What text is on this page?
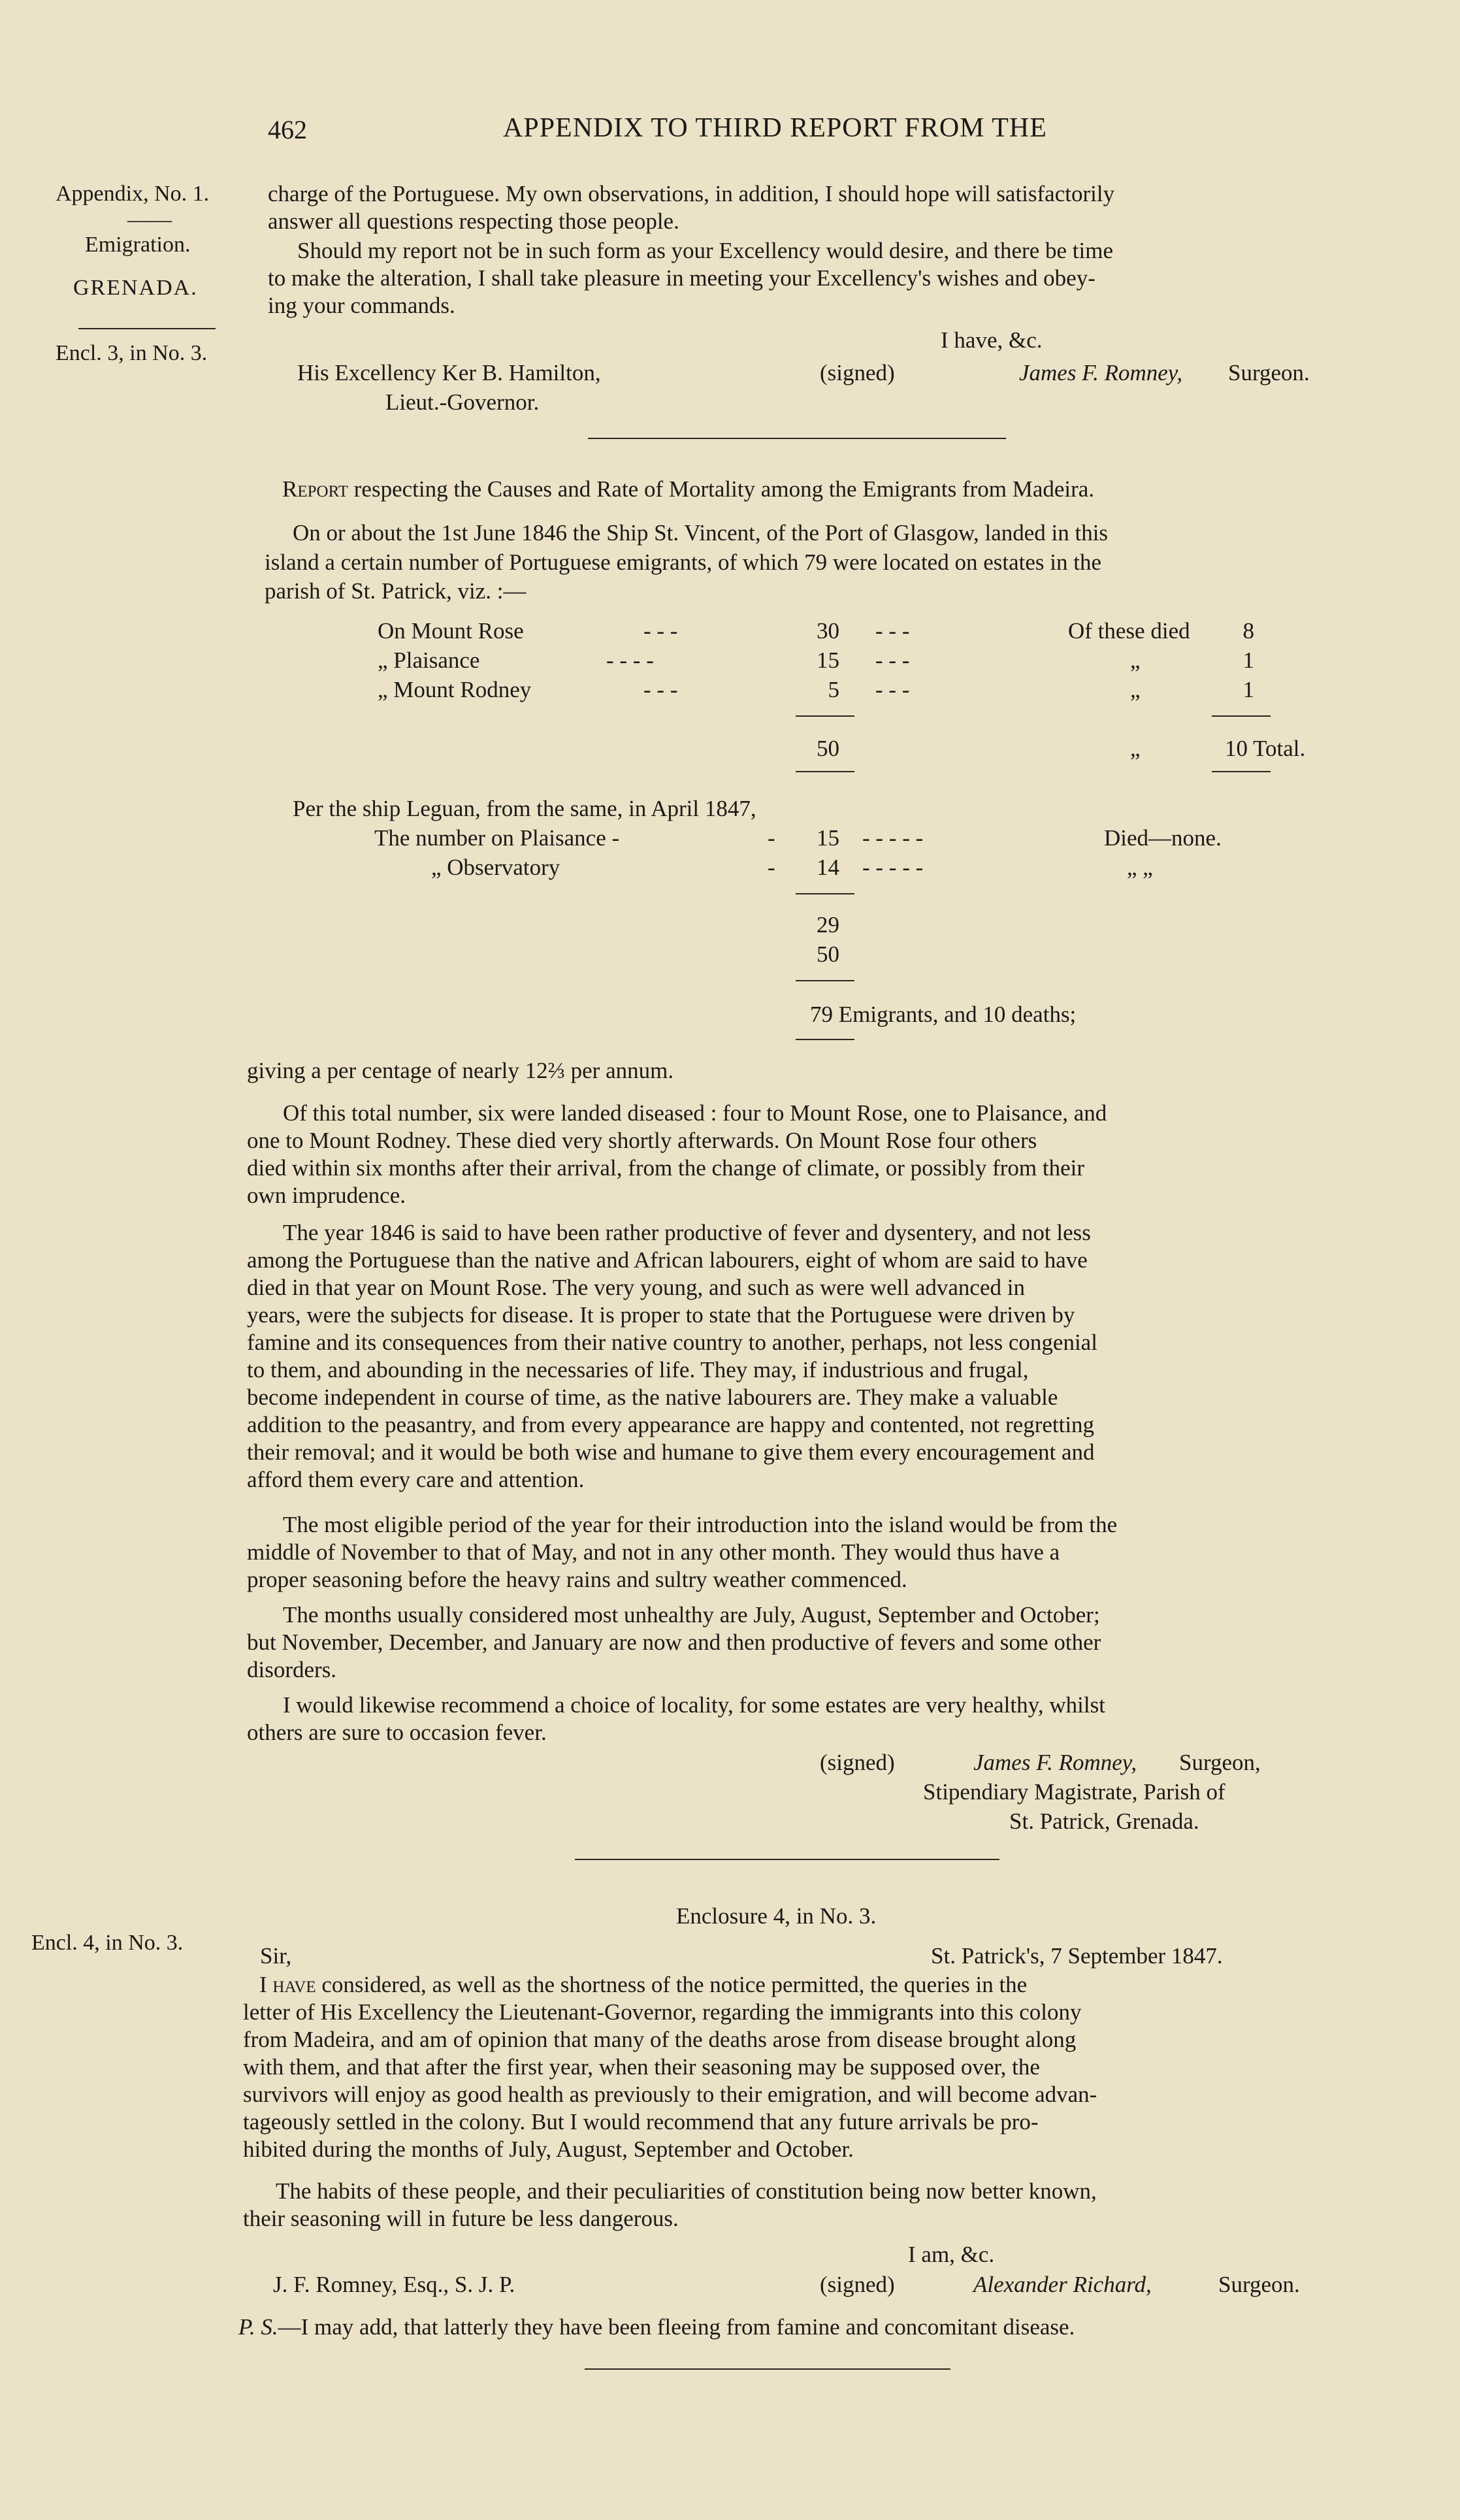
462	APPENDIX TO THIRD REPORT FROM THE
Appendix, No. 1.
——
Emigration.
GRENADA.
Encl. 3, in No. 3.
Encl. 4, in No. 3.
charge of the Portuguese. My own observations, in addition, I should hope will satisfactorily
answer all questions respecting those people.
Should my report not be in such form as your Excellency would desire, and there be time
to make the alteration, I shall take pleasure in meeting your Excellency's wishes and obey-
ing your commands.
I have, &c.
His Excellency Ker B. Hamilton,	(signed)	James F. Romney, Surgeon.
Lieut.-Governor.
Report respecting the Causes and Rate of Mortality among the Emigrants from Madeira.
On or about the 1st June 1846 the Ship St. Vincent, of the Port of Glasgow, landed in this
island a certain number of Portuguese emigrants, of which 79 were located on estates in the
parish of St. Patrick, viz. :—
On Mount Rose	- - -	30 - - -	Of these died	8
„ Plaisance	- - - -	15 - - -	„	1
„ Mount Rodney	- - -	5 - - -	„	1
50	„	10 Total.
Per the ship Leguan, from the same, in April 1847,
The number on Plaisance -	-	15 - - - - -	Died—none.
„ Observatory	-	14 - - - - -	„ „
29
50
79 Emigrants, and 10 deaths;
giving a per centage of nearly 12⅔ per annum.
Of this total number, six were landed diseased : four to Mount Rose, one to Plaisance, and
one to Mount Rodney. These died very shortly afterwards. On Mount Rose four others
died within six months after their arrival, from the change of climate, or possibly from their
own imprudence.
The year 1846 is said to have been rather productive of fever and dysentery, and not less
among the Portuguese than the native and African labourers, eight of whom are said to have
died in that year on Mount Rose. The very young, and such as were well advanced in
years, were the subjects for disease. It is proper to state that the Portuguese were driven by
famine and its consequences from their native country to another, perhaps, not less congenial
to them, and abounding in the necessaries of life. They may, if industrious and frugal,
become independent in course of time, as the native labourers are. They make a valuable
addition to the peasantry, and from every appearance are happy and contented, not regretting
their removal; and it would be both wise and humane to give them every encouragement and
afford them every care and attention.
The most eligible period of the year for their introduction into the island would be from the
middle of November to that of May, and not in any other month. They would thus have a
proper seasoning before the heavy rains and sultry weather commenced.
The months usually considered most unhealthy are July, August, September and October;
but November, December, and January are now and then productive of fevers and some other
disorders.
I would likewise recommend a choice of locality, for some estates are very healthy, whilst
others are sure to occasion fever.
(signed)	James F. Romney, Surgeon,
Stipendiary Magistrate, Parish of
St. Patrick, Grenada.
Enclosure 4, in No. 3.
Sir,	St. Patrick's, 7 September 1847.
I have considered, as well as the shortness of the notice permitted, the queries in the
letter of His Excellency the Lieutenant-Governor, regarding the immigrants into this colony
from Madeira, and am of opinion that many of the deaths arose from disease brought along
with them, and that after the first year, when their seasoning may be supposed over, the
survivors will enjoy as good health as previously to their emigration, and will become advan-
tageously settled in the colony. But I would recommend that any future arrivals be pro-
hibited during the months of July, August, September and October.
The habits of these people, and their peculiarities of constitution being now better known,
their seasoning will in future be less dangerous.
I am, &c.
J. F. Romney, Esq., S. J. P.	(signed)	Alexander Richard,	Surgeon.
P. S.—I may add, that latterly they have been fleeing from famine and concomitant disease.
